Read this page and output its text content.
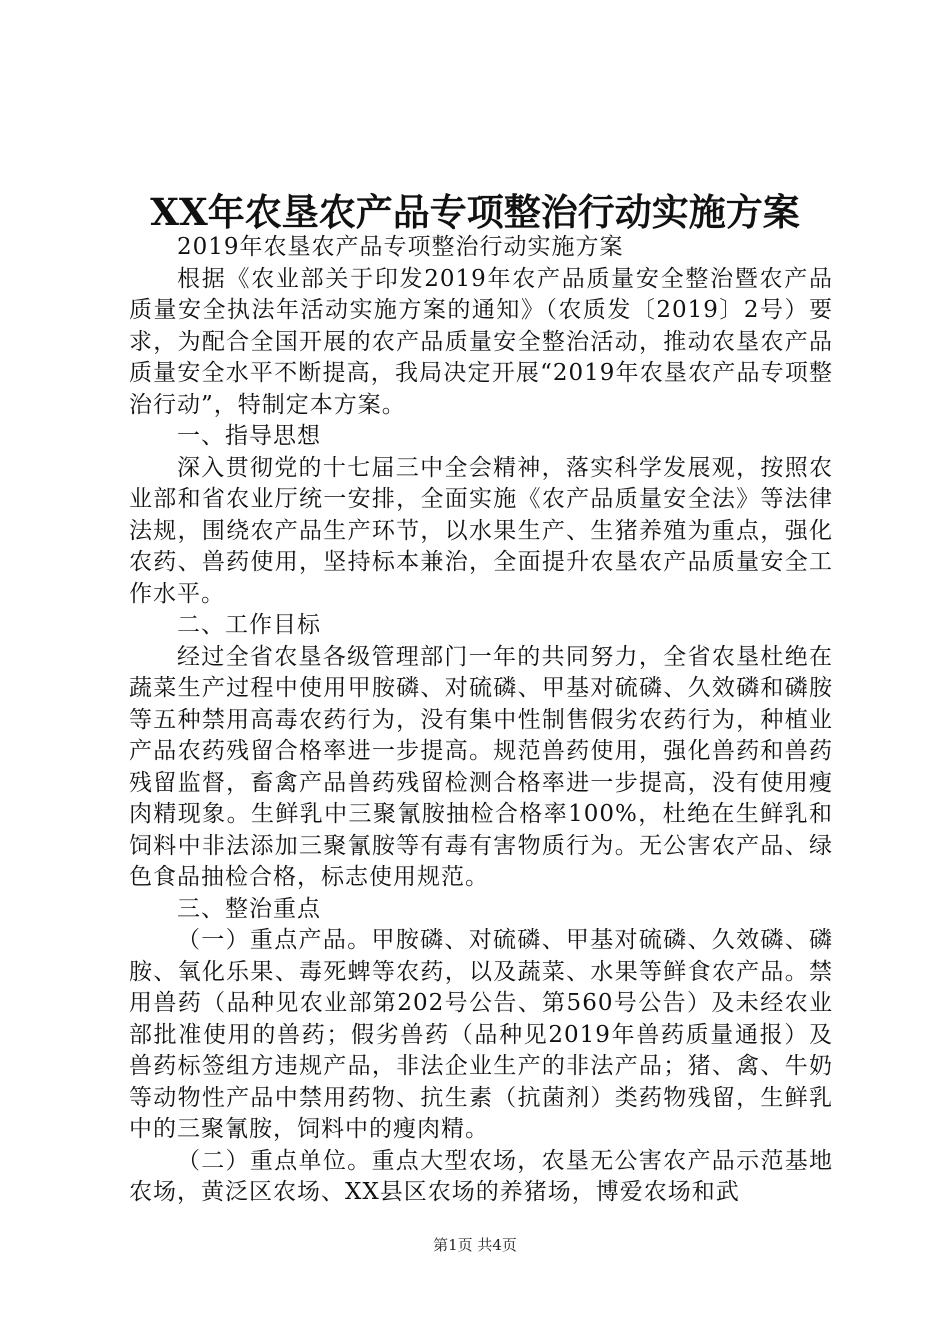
XX年农垦农产品专项整治行动实施方案

2019年农垦农产品专项整治行动实施方案

根据《农业部关于印发2019年农产品质量安全整治暨农产品质量安全执法年活动实施方案的通知》（农质发〔2019〕2号）要求，为配合全国开展的农产品质量安全整治活动，推动农垦农产品质量安全水平不断提高，我局决定开展“2019年农垦农产品专项整治行动”，特制定本方案。

一、指导思想

深入贯彻党的十七届三中全会精神，落实科学发展观，按照农业部和省农业厅统一安排，全面实施《农产品质量安全法》等法律法规，围绕农产品生产环节，以水果生产、生猪养殖为重点，强化农药、兽药使用，坚持标本兼治，全面提升农垦农产品质量安全工作水平。

二、工作目标

经过全省农垦各级管理部门一年的共同努力，全省农垦杜绝在蔬菜生产过程中使用甲胺磷、对硫磷、甲基对硫磷、久效磷和磷胺等五种禁用高毒农药行为，没有集中性制售假劣农药行为，种植业产品农药残留合格率进一步提高。规范兽药使用，强化兽药和兽药残留监督，畜禽产品兽药残留检测合格率进一步提高，没有使用瘦肉精现象。生鲜乳中三聚氰胺抽检合格率100%，杜绝在生鲜乳和饲料中非法添加三聚氰胺等有毒有害物质行为。无公害农产品、绿色食品抽检合格，标志使用规范。

三、整治重点

（一）重点产品。甲胺磷、对硫磷、甲基对硫磷、久效磷、磷胺、氧化乐果、毒死蜱等农药，以及蔬菜、水果等鲜食农产品。禁用兽药（品种见农业部第202号公告、第560号公告）及未经农业部批准使用的兽药；假劣兽药（品种见2019年兽药质量通报）及兽药标签组方违规产品，非法企业生产的非法产品；猪、禽、牛奶等动物性产品中禁用药物、抗生素（抗菌剂）类药物残留，生鲜乳中的三聚氰胺，饲料中的瘦肉精。

（二）重点单位。重点大型农场，农垦无公害农产品示范基地农场，黄泛区农场、XX县区农场的养猪场，博爱农场和武

第1页 共4页
